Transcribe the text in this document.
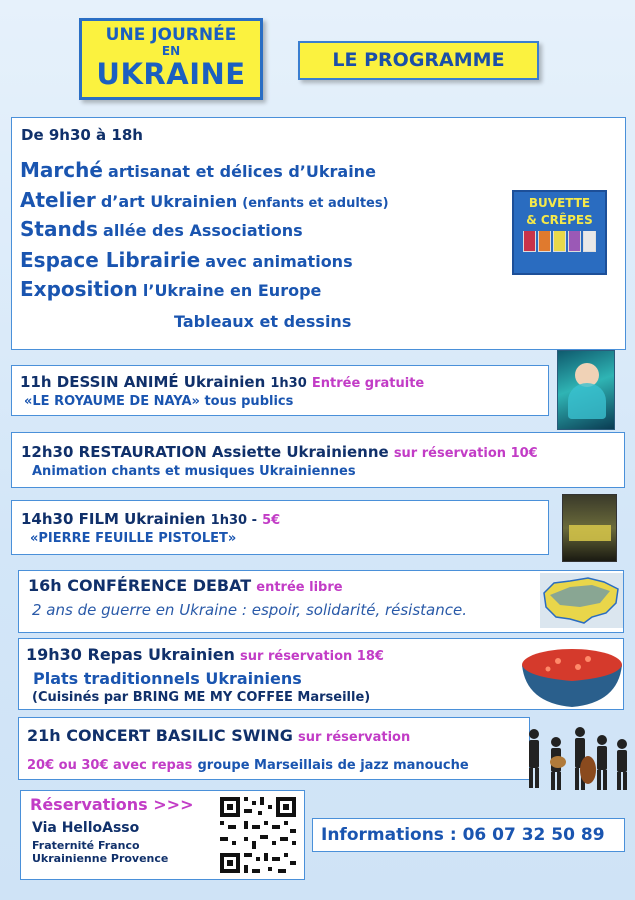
UNE JOURNÉE
EN
UKRAINE	LE PROGRAMME
De 9h30 à 18h
Marché artisanat et délices d’Ukraine
Atelier d’art Ukrainien (enfants et adultes)
Stands allée des Associations
Espace Librairie avec animations
Exposition l’Ukraine en Europe
Tableaux et dessins
BUVETTE
& CRÊPES
11h DESSIN ANIMÉ Ukrainien 1h30 Entrée gratuite
«LE ROYAUME DE NAYA» tous publics
12h30 RESTAURATION Assiette Ukrainienne sur réservation 10€
Animation chants et musiques Ukrainiennes
14h30 FILM Ukrainien 1h30 - 5€
«PIERRE FEUILLE PISTOLET»
16h CONFÉRENCE DEBAT entrée libre
2 ans de guerre en Ukraine : espoir, solidarité, résistance.
19h30 Repas Ukrainien sur réservation 18€
Plats traditionnels Ukrainiens
(Cuisinés par BRING ME MY COFFEE Marseille)
21h CONCERT BASILIC SWING sur réservation
20€ ou 30€ avec repas groupe Marseillais de jazz manouche
Réservations >>>
Via HelloAsso
Fraternité Franco
Ukrainienne Provence
Informations : 06 07 32 50 89
